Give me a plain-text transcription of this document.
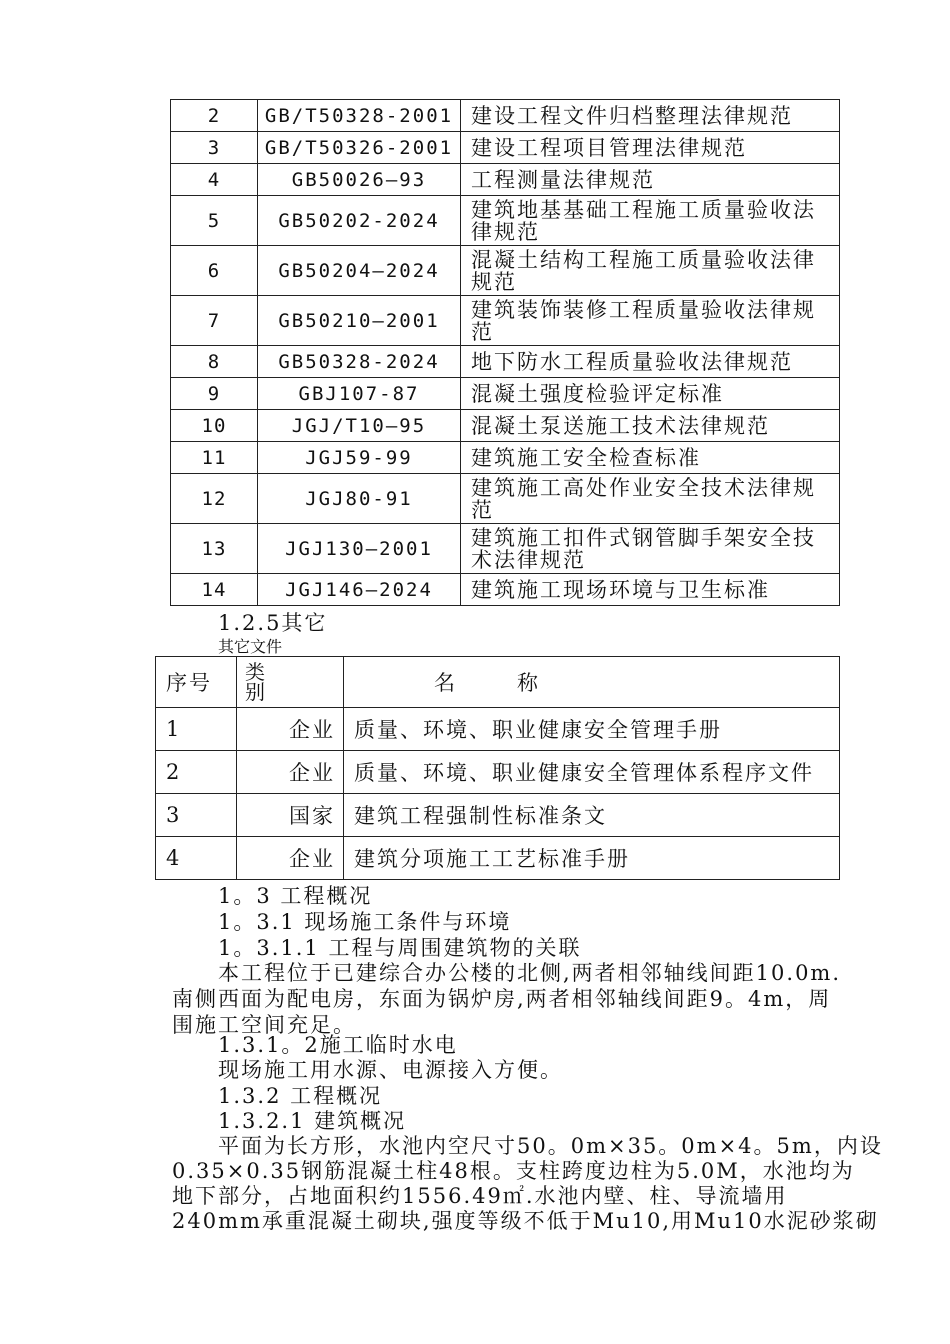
2	GB/T50328-2001	建设工程文件归档整理法律规范
3	GB/T50326-2001	建设工程项目管理法律规范
4	GB50026—93	工程测量法律规范
5	GB50202-2024	建筑地基基础工程施工质量验收法律规范
6	GB50204—2024	混凝土结构工程施工质量验收法律规范
7	GB50210—2001	建筑装饰装修工程质量验收法律规范
8	GB50328-2024	地下防水工程质量验收法律规范
9	GBJ107-87	混凝土强度检验评定标准
10	JGJ/T10—95	混凝土泵送施工技术法律规范
11	JGJ59-99	建筑施工安全检查标准
12	JGJ80-91	建筑施工高处作业安全技术法律规范
13	JGJ130—2001	建筑施工扣件式钢管脚手架安全技术法律规范
14	JGJ146—2024	建筑施工现场环境与卫生标准
1.2.5其它
其它文件
序号	类别	名 称
1	企业	质量、环境、职业健康安全管理手册
2	企业	质量、环境、职业健康安全管理体系程序文件
3	国家	建筑工程强制性标准条文
4	企业	建筑分项施工工艺标准手册
1。3 工程概况
1。3.1 现场施工条件与环境
1。3.1.1 工程与周围建筑物的关联
本工程位于已建综合办公楼的北侧,两者相邻轴线间距10.0m.
南侧西面为配电房，东面为锅炉房,两者相邻轴线间距9。4m，周
围施工空间充足。
1.3.1。2施工临时水电
现场施工用水源、电源接入方便。
1.3.2 工程概况
1.3.2.1 建筑概况
平面为长方形，水池内空尺寸50。0m×35。0m×4。5m，内设
0.35×0.35钢筋混凝土柱48根。支柱跨度边柱为5.0M，水池均为
地下部分，占地面积约1556.49㎡.水池内壁、柱、导流墙用
240mm承重混凝土砌块,强度等级不低于Mu10,用Mu10水泥砂浆砌
